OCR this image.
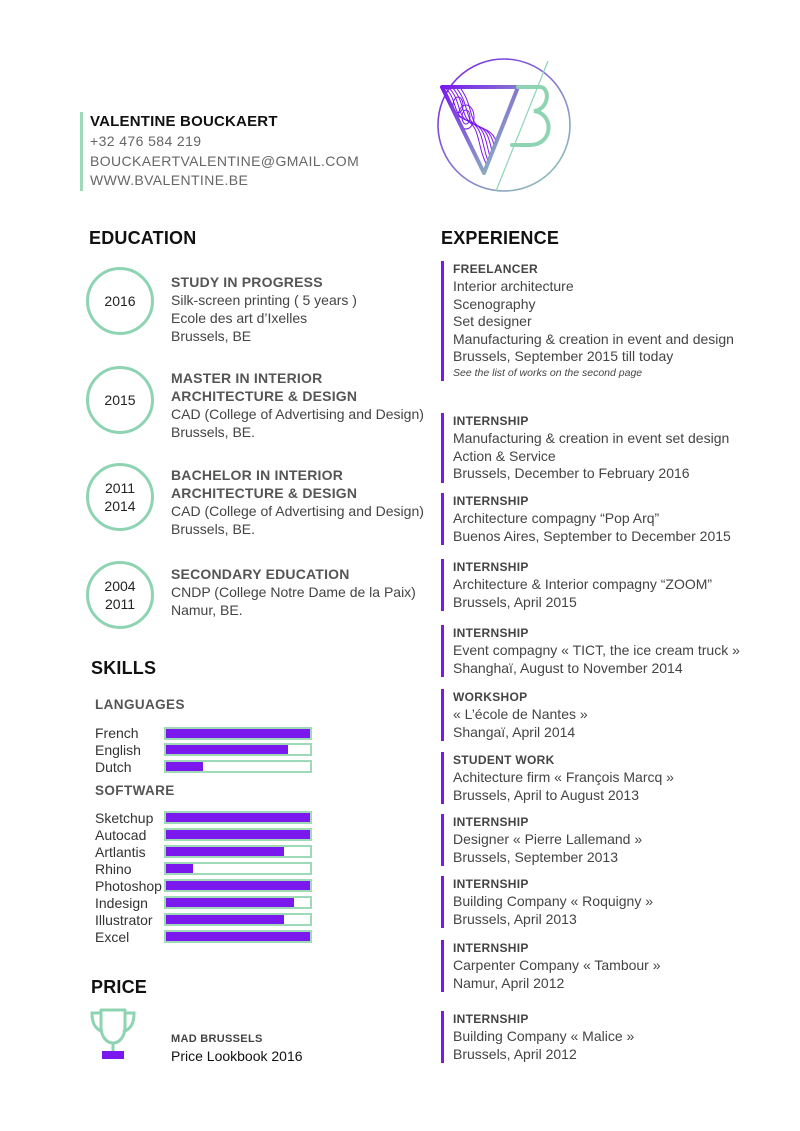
VALENTINE BOUCKAERT
+32 476 584 219
BOUCKAERTVALENTINE@GMAIL.COM
WWW.BVALENTINE.BE
EDUCATION
2016
STUDY IN PROGRESS
Silk-screen printing ( 5 years )
Ecole des art d’Ixelles
Brussels, BE
2015
MASTER IN INTERIOR
ARCHITECTURE & DESIGN
CAD (College of Advertising and Design)
Brussels, BE.
2011
2014
BACHELOR IN INTERIOR
ARCHITECTURE & DESIGN
CAD (College of Advertising and Design)
Brussels, BE.
2004
2011
SECONDARY EDUCATION
CNDP (College Notre Dame de la Paix)
Namur, BE.
SKILLS
LANGUAGES
French
English
Dutch
SOFTWARE
Sketchup
Autocad
Artlantis
Rhino
Photoshop
Indesign
Illustrator
Excel
PRICE
MAD BRUSSELS
Price Lookbook 2016
EXPERIENCE
FREELANCER
Interior architecture
Scenography
Set designer
Manufacturing & creation in event and design
Brussels, September 2015 till today
See the list of works on the second page
INTERNSHIP
Manufacturing & creation in event set design
Action & Service
Brussels, December to February 2016
INTERNSHIP
Architecture compagny “Pop Arq”
Buenos Aires, September to December 2015
INTERNSHIP
Architecture & Interior compagny “ZOOM”
Brussels, April 2015
INTERNSHIP
Event compagny « TICT, the ice cream truck »
Shanghaï, August to November 2014
WORKSHOP
« L’école de Nantes »
Shangaï, April 2014
STUDENT WORK
Achitecture firm « François Marcq »
Brussels, April to August 2013
INTERNSHIP
Designer « Pierre Lallemand »
Brussels, September 2013
INTERNSHIP
Building Company « Roquigny »
Brussels, April 2013
INTERNSHIP
Carpenter Company « Tambour »
Namur, April 2012
INTERNSHIP
Building Company « Malice »
Brussels, April 2012
